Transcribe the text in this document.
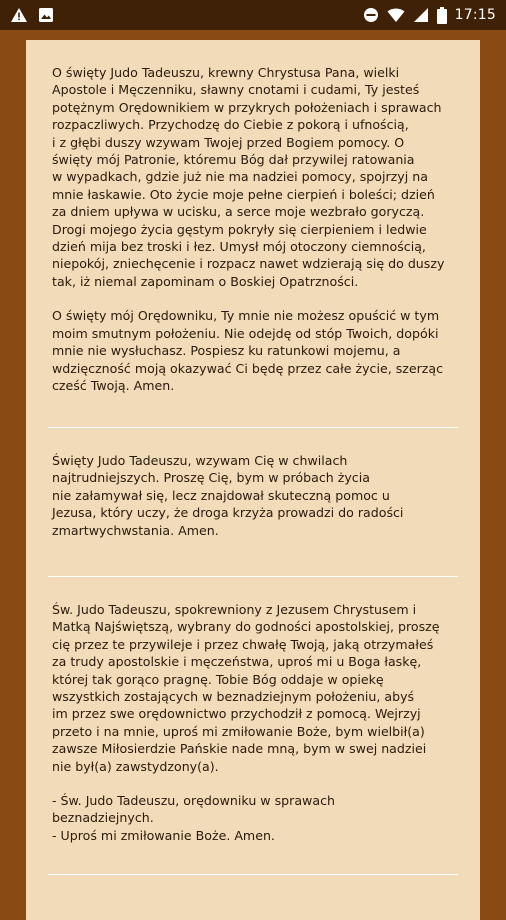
17:15

O święty Judo Tadeuszu, krewny Chrystusa Pana, wielki
Apostole i Męczenniku, sławny cnotami i cudami, Ty jesteś
potężnym Orędownikiem w przykrych położeniach i sprawach
rozpaczliwych. Przychodzę do Ciebie z pokorą i ufnością,
i z głębi duszy wzywam Twojej przed Bogiem pomocy. O
święty mój Patronie, któremu Bóg dał przywilej ratowania
w wypadkach, gdzie już nie ma nadziei pomocy, spojrzyj na
mnie łaskawie. Oto życie moje pełne cierpień i boleści; dzień
za dniem upływa w ucisku, a serce moje wezbrało goryczą.
Drogi mojego życia gęstym pokryły się cierpieniem i ledwie
dzień mija bez troski i łez. Umysł mój otoczony ciemnością,
niepokój, zniechęcenie i rozpacz nawet wdzierają się do duszy
tak, iż niemal zapominam o Boskiej Opatrzności.

O święty mój Orędowniku, Ty mnie nie możesz opuścić w tym
moim smutnym położeniu. Nie odejdę od stóp Twoich, dopóki
mnie nie wysłuchasz. Pospiesz ku ratunkowi mojemu, a
wdzięczność moją okazywać Ci będę przez całe życie, szerząc
cześć Twoją. Amen.

Święty Judo Tadeuszu, wzywam Cię w chwilach
najtrudniejszych. Proszę Cię, bym w próbach życia
nie załamywał się, lecz znajdował skuteczną pomoc u
Jezusa, który uczy, że droga krzyża prowadzi do radości
zmartwychwstania. Amen.

Św. Judo Tadeuszu, spokrewniony z Jezusem Chrystusem i
Matką Najświętszą, wybrany do godności apostolskiej, proszę
cię przez te przywileje i przez chwałę Twoją, jaką otrzymałeś
za trudy apostolskie i męczeństwa, uproś mi u Boga łaskę,
której tak gorąco pragnę. Tobie Bóg oddaje w opiekę
wszystkich zostających w beznadziejnym położeniu, abyś
im przez swe orędownictwo przychodził z pomocą. Wejrzyj
przeto i na mnie, uproś mi zmiłowanie Boże, bym wielbił(a)
zawsze Miłosierdzie Pańskie nade mną, bym w swej nadziei
nie był(a) zawstydzony(a).

- Św. Judo Tadeuszu, orędowniku w sprawach
beznadziejnych.
- Uproś mi zmiłowanie Boże. Amen.
